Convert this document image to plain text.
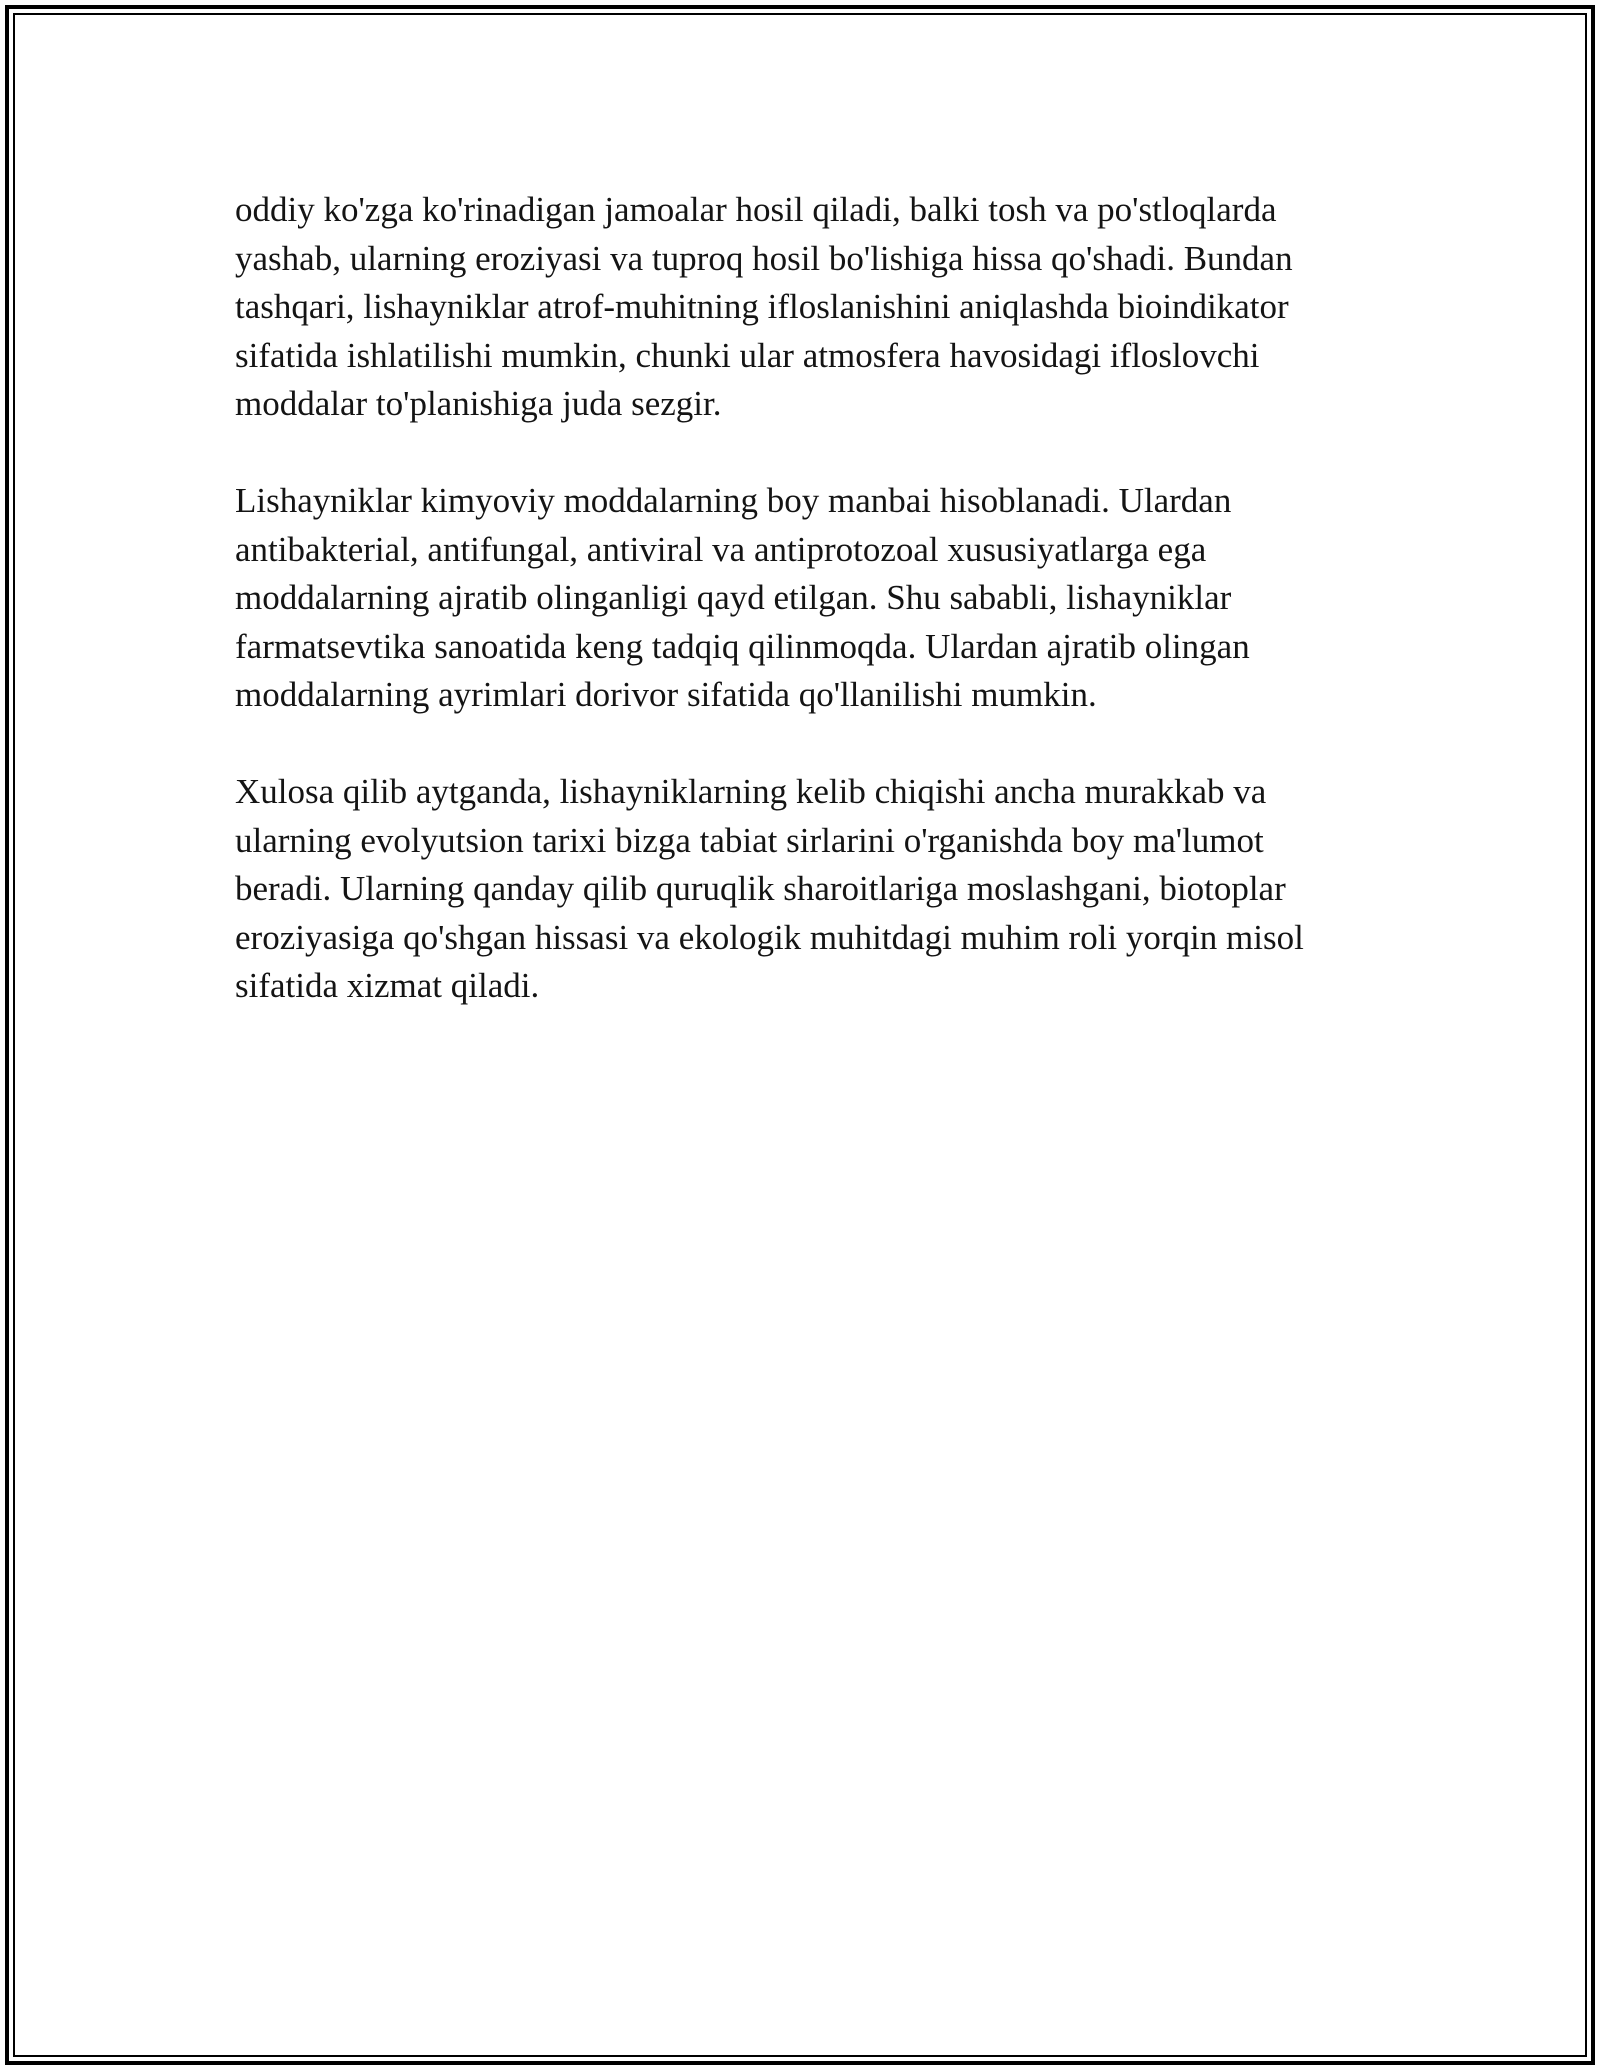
oddiy ko'zga ko'rinadigan jamoalar hosil qiladi, balki tosh va po'stloqlarda
yashab, ularning eroziyasi va tuproq hosil bo'lishiga hissa qo'shadi. Bundan
tashqari, lishayniklar atrof-muhitning ifloslanishini aniqlashda bioindikator
sifatida ishlatilishi mumkin, chunki ular atmosfera havosidagi ifloslovchi
moddalar to'planishiga juda sezgir.

Lishayniklar kimyoviy moddalarning boy manbai hisoblanadi. Ulardan
antibakterial, antifungal, antiviral va antiprotozoal xususiyatlarga ega
moddalarning ajratib olinganligi qayd etilgan. Shu sababli, lishayniklar
farmatsevtika sanoatida keng tadqiq qilinmoqda. Ulardan ajratib olingan
moddalarning ayrimlari dorivor sifatida qo'llanilishi mumkin.

Xulosa qilib aytganda, lishayniklarning kelib chiqishi ancha murakkab va
ularning evolyutsion tarixi bizga tabiat sirlarini o'rganishda boy ma'lumot
beradi. Ularning qanday qilib quruqlik sharoitlariga moslashgani, biotoplar
eroziyasiga qo'shgan hissasi va ekologik muhitdagi muhim roli yorqin misol
sifatida xizmat qiladi.
